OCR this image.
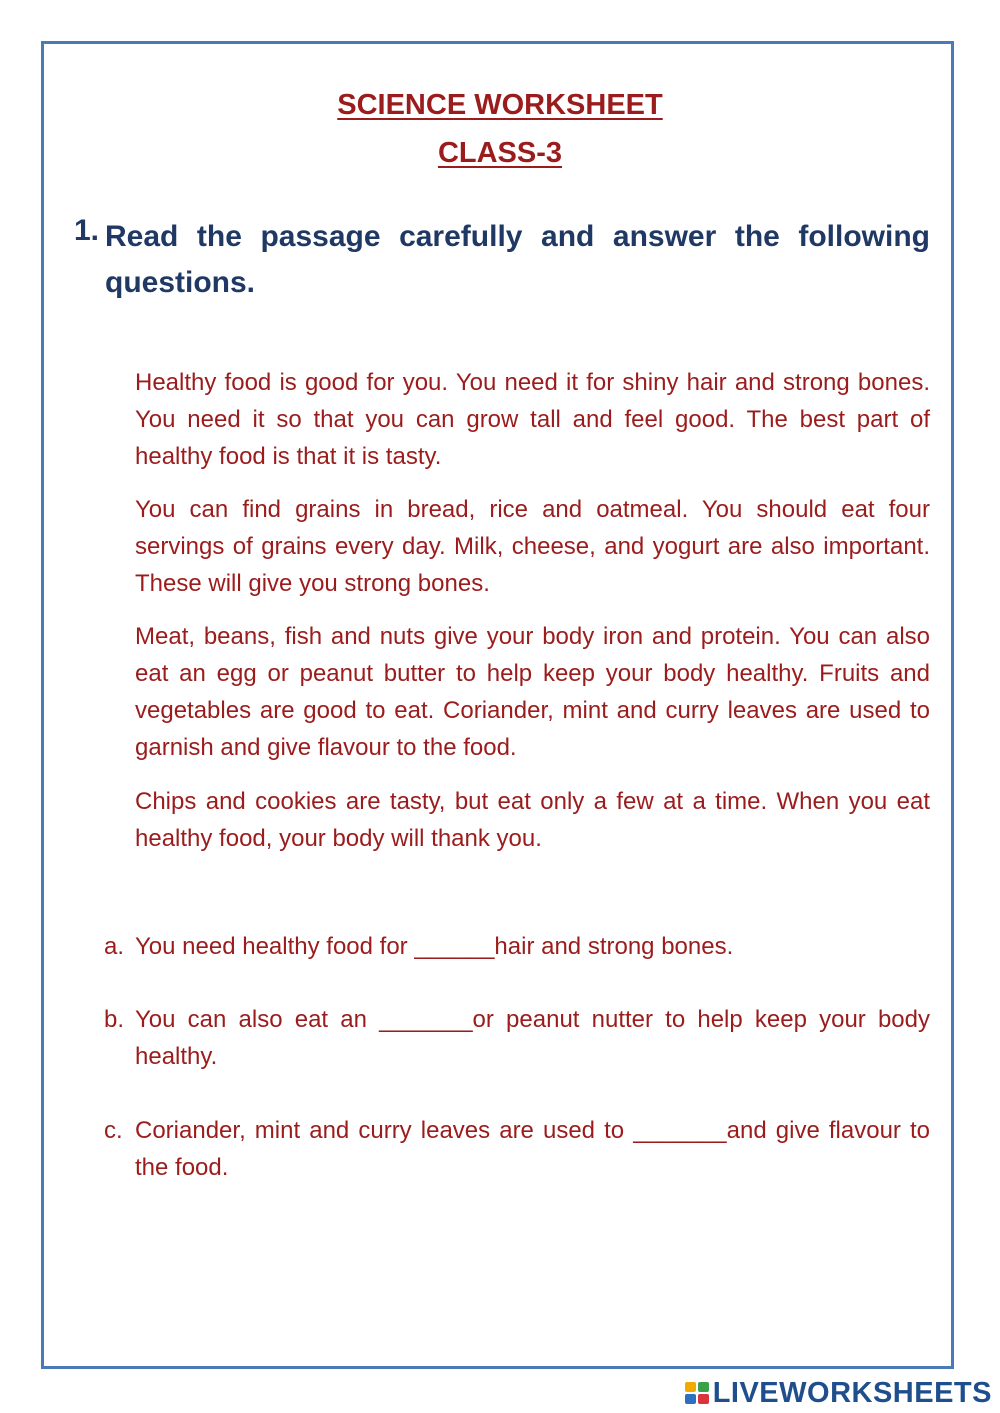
SCIENCE WORKSHEET
CLASS-3
1. Read the passage carefully and answer the following questions.

Healthy food is good for you. You need it for shiny hair and strong bones. You need it so that you can grow tall and feel good. The best part of healthy food is that it is tasty.

You can find grains in bread, rice and oatmeal. You should eat four servings of grains every day. Milk, cheese, and yogurt are also important. These will give you strong bones.

Meat, beans, fish and nuts give your body iron and protein. You can also eat an egg or peanut butter to help keep your body healthy. Fruits and vegetables are good to eat. Coriander, mint and curry leaves are used to garnish and give flavour to the food.

Chips and cookies are tasty, but eat only a few at a time. When you eat healthy food, your body will thank you.

a. You need healthy food for ______hair and strong bones.
b. You can also eat an _______or peanut nutter to help keep your body healthy.
c. Coriander, mint and curry leaves are used to _______and give flavour to the food.
LIVEWORKSHEETS
